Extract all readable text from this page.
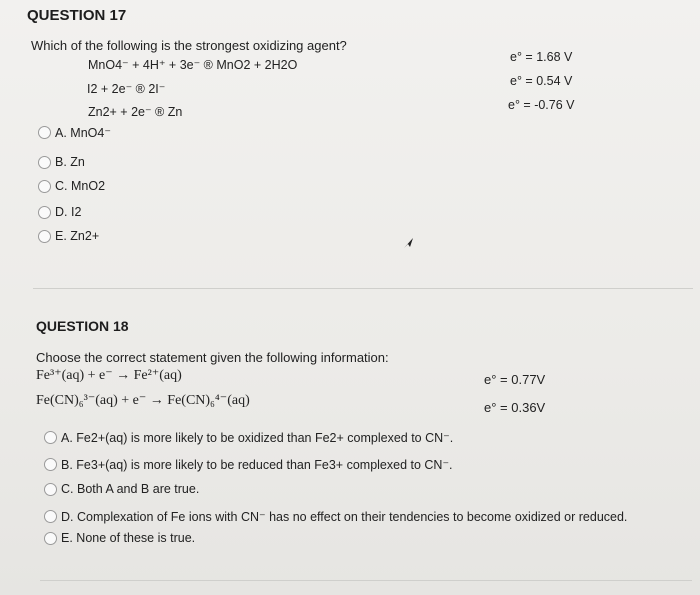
QUESTION 17
Which of the following is the strongest oxidizing agent?
MnO4⁻ + 4H⁺ + 3e⁻ ® MnO2 + 2H2O
I2 + 2e⁻ ® 2I⁻
Zn2+ + 2e⁻ ® Zn
e° = 1.68 V
e° = 0.54 V
e° = -0.76 V
A.
MnO4⁻
B.
Zn
C.
MnO2
D.
I2
E.
Zn2+
QUESTION 18
Choose the correct statement given the following information:
Fe³⁺(aq) + e⁻ → Fe²⁺(aq)
Fe(CN)₆³⁻(aq) + e⁻ → Fe(CN)₆⁴⁻(aq)
e° = 0.77V
e° = 0.36V
A.
Fe2+(aq) is more likely to be oxidized than Fe2+ complexed to CN⁻.
B.
Fe3+(aq) is more likely to be reduced than Fe3+ complexed to CN⁻.
C.
Both A and B are true.
D.
Complexation of Fe ions with CN⁻ has no effect on their tendencies to become oxidized or reduced.
E.
None of these is true.
